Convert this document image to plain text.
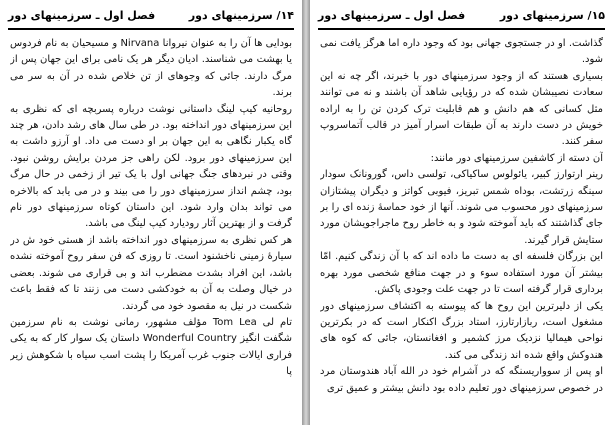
۱۴/ سرزمینهای دور
فصل اول ـ سرزمینهای دور

بودایی ها آن را به عنوان نیروانا Nirvana و مسیحیان به نام فردوس یا بهشت می شناسند. ادیان دیگر هر یک نامی برای این جهان پس از مرگ دارند. جائی که وجوهای از تن خلاص شده در آن به سر می برند.

روحانیه کیپ لینگ داستانی نوشت درباره پسربچه ای که نظری به این سرزمینهای دور انداخته بود. در طی سال های رشد دادن، هر چند گاه یکبار نگاهی به این جهان بر او دست می داد. او آرزو داشت به این سرزمینهای دور برود. لکن راهی جز مردن برایش روشن نبود. وقتی در نبردهای جنگ جهانی اول با یک تیر از زخمی در حال مرگ بود، چشم انداز سرزمینهای دور را می بیند و در می یابد که بالاخره می تواند بدان وارد شود. این داستان کوتاه سرزمینهای دور نام گرفت و از بهترین آثار رودیارد کیپ لینگ می باشد.

هر کس نظری به سرزمینهای دور انداخته باشد از هستی خود ش در سیارهٔ زمینی ناخشنود است. تا روزی که فن سفر روح آموخته نشده باشد، این افراد بشدت مضطرب اند و بی قراری می شوند. بعضی در خیال وصلت به آن به خودکشی دست می زنند تا که فقط باعث شکست در نیل به مقصود خود می گردند.

تام لی Tom Lea مؤلف مشهور، رمانی نوشت به نام سرزمین شگفت انگیز Wonderful Country داستان یک سوار کار که به یکی فراری ایالات جنوب غرب آمریکا را پشت اسب سیاه با شکوهش زیر پا

۱۵/ سرزمینهای دور
فصل اول ـ سرزمینهای دور

گذاشت. او در جستجوی جهانی بود که وجود داره اما هرگز یافت نمی شود.

بسیاری هستند که از وجود سرزمینهای دور با خبرند، اگر چه نه این سعادت نصیبشان شده که در رؤیایی شاهد آن باشند و نه می توانند مثل کسانی که هم دانش و هم قابلیت ترک کردن تن را به اراده خویش در دست دارند به آن طبقات اسرار آمیز در قالب آتماسروپ سفر کنند.

آن دسته از کاشفین سرزمینهای دور مانند:

رینر ارتوارز کبیر، یائولوس ساکیاکی، تولسی داس، گورونانک سودار سینگه زرتشت، بوداه شمس تبریز، فیوبی کواتز و دیگران پیشتازان سرزمینهای دور محسوب می شوند. آنها از خود حماسهٔ زنده ای را بر جای گذاشتند که باید آموخته شود و به خاطر روح ماجراجویشان مورد ستایش قرار گیرند.

این بزرگان فلسفه ای به دست ما داده اند که با آن زندگی کنیم. امّا بیشتر آن مورد استفاده سوء و در جهت منافع شخصی مورد بهره برداری قرار گرفته است تا در جهت علت وجودی پاکش.

یکی از دلیرترین این روح ها که پیوسته به اکتشاف سرزمینهای دور مشغول است، ربازارتارز، استاد بزرگ اکنکار است که در بکرترین نواحی هیمالیا نزدیک مرز کشمیر و افغانستان، جائی که کوه های هندوکش واقع شده اند زندگی می کند.

او پس از سوواریسنگه که در آشرام خود در الله آباد هندوستان مرد در خصوص سرزمینهای دور تعلیم داده بود دانش بیشتر و عمیق تری
